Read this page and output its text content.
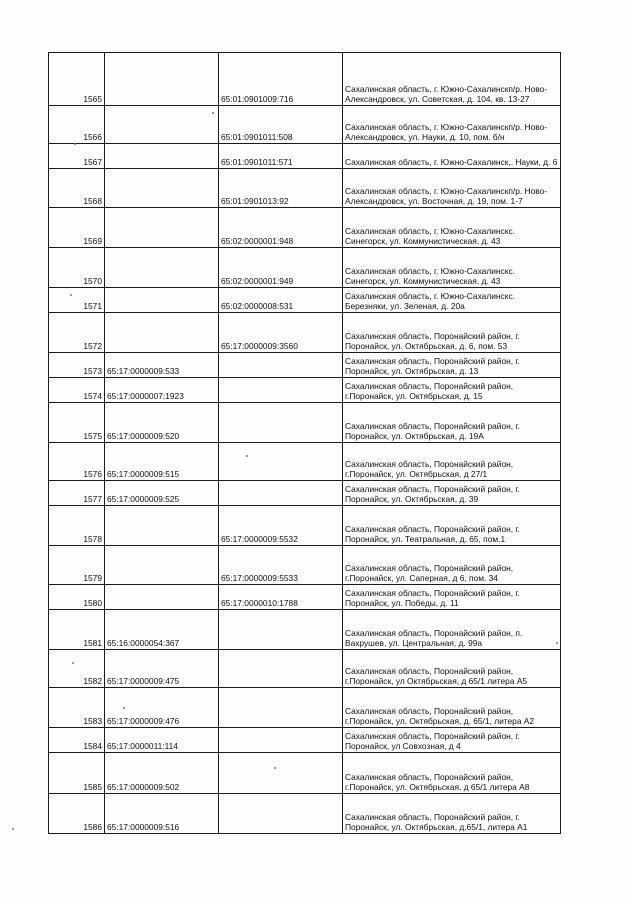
1565		65:01:0901009:716	Сахалинская область, г. Южно-Сахалинскп/р. Ново-Александровск, ул. Советская, д. 104, кв. 13-27
1566		65:01:0901011:508	Сахалинская область, г. Южно-Сахалинскп/р. Ново-Александровск, ул. Науки, д. 10, пом. б/н
1567		65:01:0901011:571	Сахалинская область, г. Южно-Сахалинск,. Науки, д. 6
1568		65:01:0901013:92	Сахалинская область, г. Южно-Сахалинскп/р. Ново-Александровск, ул. Восточная, д. 19, пом. 1-7
1569		65:02:0000001:948	Сахалинская область, г. Южно-Сахалинскс. Синегорск, ул. Коммунистическая, д. 43
1570		65:02:0000001:949	Сахалинская область, г. Южно-Сахалинскс. Синегорск, ул. Коммунистическая, д. 43
1571		65:02:0000008:531	Сахалинская область, г. Южно-Сахалинскс. Березняки, ул. Зеленая, д. 20а
1572		65:17:0000009:3560	Сахалинская область, Поронайский район, г. Поронайск, ул. Октябрьская, д. 6, пом. 53
1573	65:17:0000009:533		Сахалинская область, Поронайский район, г. Поронайск, ул. Октябрьская, д. 13
1574	65:17:0000007:1923		Сахалинская область, Поронайский район, г.Поронайск, ул. Октябрьская, д. 15
1575	65:17:0000009:520		Сахалинская область, Поронайский район, г. Поронайск, ул. Октябрьская, д. 19А
1576	65:17:0000009:515		Сахалинская область, Поронайский район, г.Поронайск, ул. Октябрьская, д 27/1
1577	65:17:0000009:525		Сахалинская область, Поронайский район, г. Поронайск, ул. Октябрьская, д. 39
1578		65:17:0000009:5532	Сахалинская область, Поронайский район, г. Поронайск, ул. Театральная, д. 65, пом.1
1579		65:17:0000009:5533	Сахалинская область, Поронайский район, г.Поронайск, ул. Саперная, д 6, пом. 34
1580		65:17:0000010:1788	Сахалинская область, Поронайский район, г. Поронайск, ул. Победы, д. 11
1581	65:16:0000054:367		Сахалинская область, Поронайский район, п. Вахрушев, ул. Центральная, д. 99а
1582	65:17:0000009:475		Сахалинская область, Поронайский район, г.Поронайск, ул Октябрьская, д 65/1 литера А5
1583	65:17:0000009:476		Сахалинская область, Поронайский район, г.Поронайск, ул. Октябрьская, д. 65/1, литера А2
1584	65:17:0000011:114		Сахалинская область, Поронайский район, г. Поронайск, ул Совхозная, д 4
1585	65:17:0000009:502		Сахалинская область, Поронайский район, г.Поронайск, ул. Октябрьская, д 65/1 литера А8
1586	65:17:0000009:516		Сахалинская область, Поронайский район, г. Поронайск, ул. Октябрьская, д.65/1, литера А1
